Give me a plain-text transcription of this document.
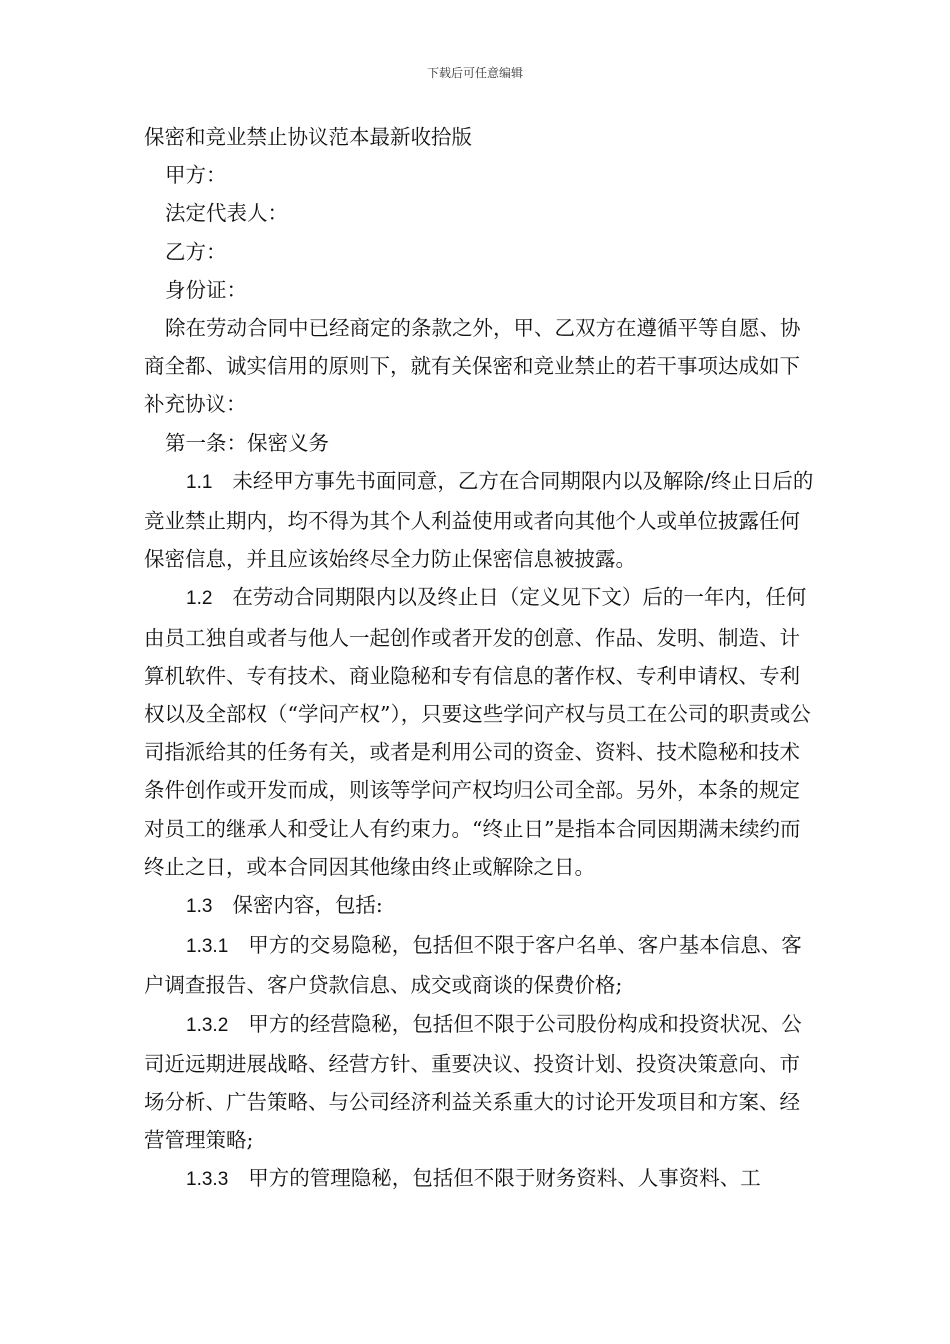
下载后可任意编辑

保密和竞业禁止协议范本最新收拾版

甲方：

法定代表人：

乙方：

身份证：

除在劳动合同中已经商定的条款之外，甲、乙双方在遵循平等自愿、协商全都、诚实信用的原则下，就有关保密和竞业禁止的若干事项达成如下补充协议：

第一条：保密义务

1.1 未经甲方事先书面同意，乙方在合同期限内以及解除/终止日后的竞业禁止期内，均不得为其个人利益使用或者向其他个人或单位披露任何保密信息，并且应该始终尽全力防止保密信息被披露。

1.2 在劳动合同期限内以及终止日（定义见下文）后的一年内，任何由员工独自或者与他人一起创作或者开发的创意、作品、发明、制造、计算机软件、专有技术、商业隐秘和专有信息的著作权、专利申请权、专利权以及全部权（“学问产权”），只要这些学问产权与员工在公司的职责或公司指派给其的任务有关，或者是利用公司的资金、资料、技术隐秘和技术条件创作或开发而成，则该等学问产权均归公司全部。另外，本条的规定对员工的继承人和受让人有约束力。“终止日”是指本合同因期满未续约而终止之日，或本合同因其他缘由终止或解除之日。

1.3 保密内容，包括:

1.3.1 甲方的交易隐秘，包括但不限于客户名单、客户基本信息、客户调查报告、客户贷款信息、成交或商谈的保费价格;

1.3.2 甲方的经营隐秘，包括但不限于公司股份构成和投资状况、公司近远期进展战略、经营方针、重要决议、投资计划、投资决策意向、市场分析、广告策略、与公司经济利益关系重大的讨论开发项目和方案、经营管理策略;

1.3.3 甲方的管理隐秘，包括但不限于财务资料、人事资料、工
